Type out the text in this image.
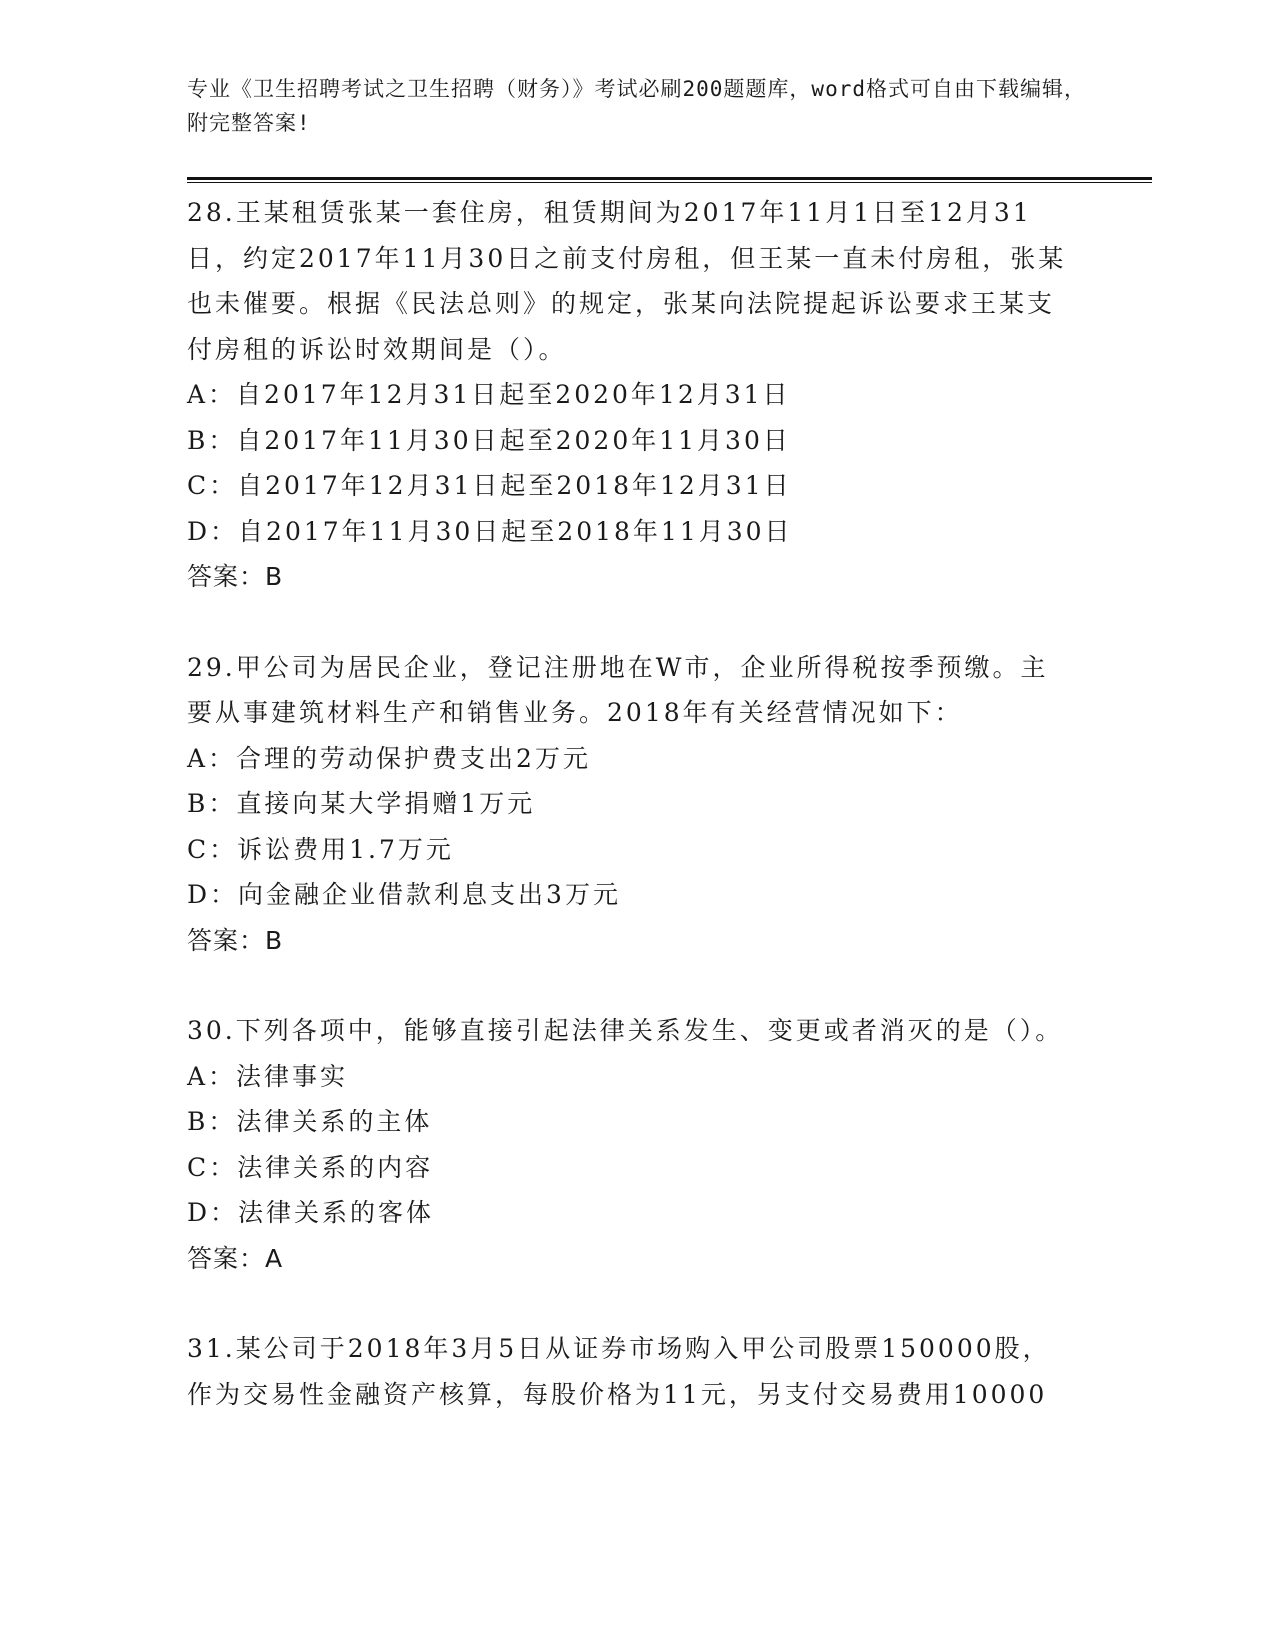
专业《卫生招聘考试之卫生招聘（财务）》考试必刷200题题库，word格式可自由下载编辑，附完整答案!

28.王某租赁张某一套住房，租赁期间为2017年11月1日至12月31日，约定2017年11月30日之前支付房租，但王某一直未付房租，张某也未催要。根据《民法总则》的规定，张某向法院提起诉讼要求王某支付房租的诉讼时效期间是（）。

A：自2017年12月31日起至2020年12月31日

B：自2017年11月30日起至2020年11月30日

C：自2017年12月31日起至2018年12月31日

D：自2017年11月30日起至2018年11月30日

答案：B

29.甲公司为居民企业，登记注册地在W市，企业所得税按季预缴。主要从事建筑材料生产和销售业务。2018年有关经营情况如下：

A：合理的劳动保护费支出2万元

B：直接向某大学捐赠1万元

C：诉讼费用1.7万元

D：向金融企业借款利息支出3万元

答案：B

30.下列各项中，能够直接引起法律关系发生、变更或者消灭的是（）。

A：法律事实

B：法律关系的主体

C：法律关系的内容

D：法律关系的客体

答案：A

31.某公司于2018年3月5日从证券市场购入甲公司股票150000股，作为交易性金融资产核算，每股价格为11元，另支付交易费用10000
